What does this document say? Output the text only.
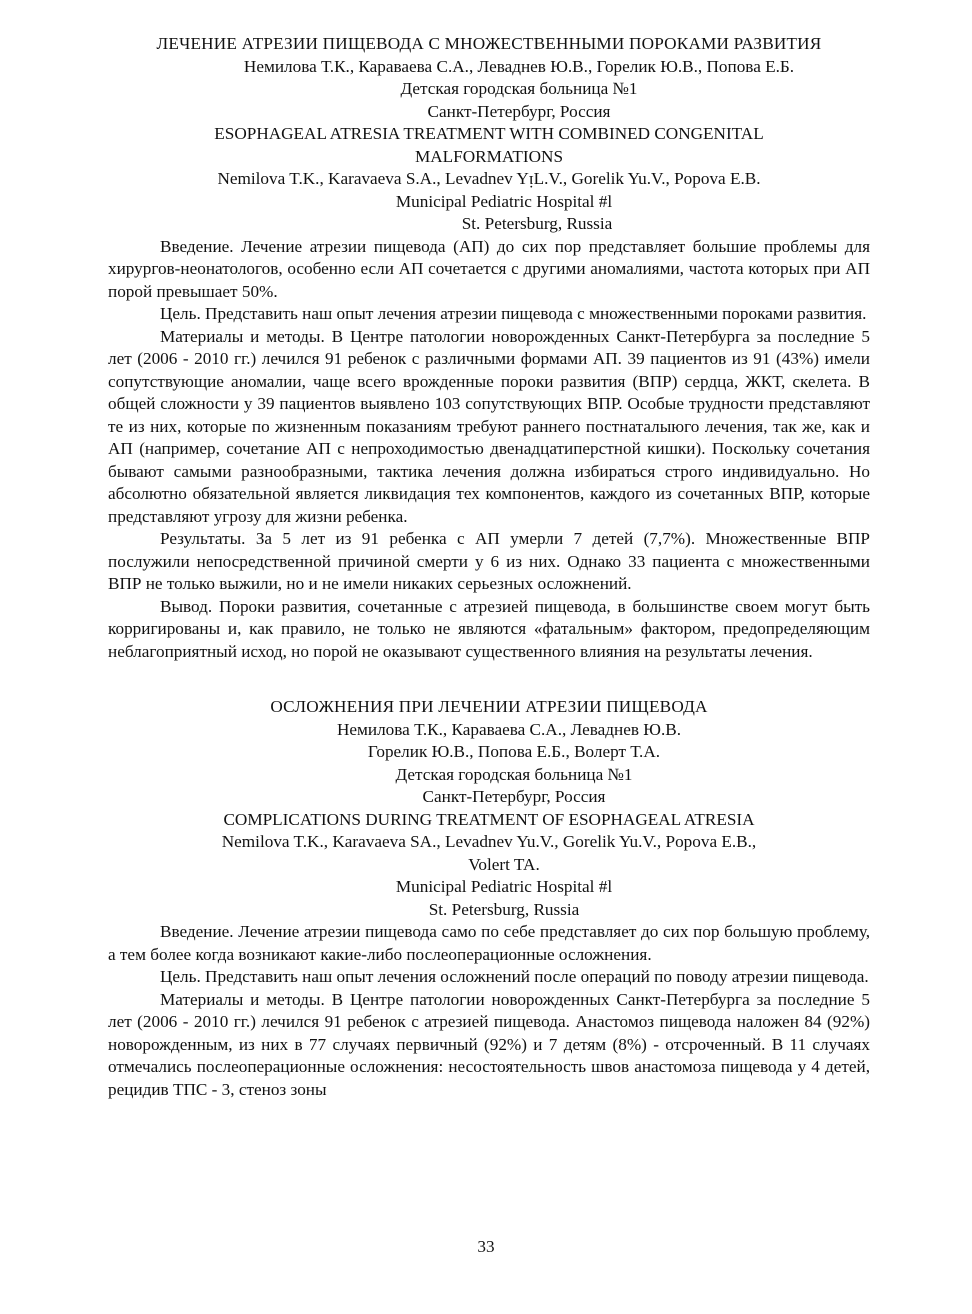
ЛЕЧЕНИЕ АТРЕЗИИ ПИЩЕВОДА С МНОЖЕСТВЕННЫМИ ПОРОКАМИ РАЗВИТИЯ
Немилова Т.К., Караваева С.А., Леваднев Ю.В., Горелик Ю.В., Попова Е.Б.
Детская городская больница №1
Санкт-Петербург, Россия
ESOPHAGEAL ATRESIA TREATMENT WITH COMBINED CONGENITAL
MALFORMATIONS
Nemilova T.K., Karavaeva S.A., Levadnev YᴉL.V., Gorelik Yu.V., Popova E.B.
Municipal Pediatric Hospital #l
St. Petersburg, Russia

Введение. Лечение атрезии пищевода (АП) до сих пор представляет большие проблемы для хирургов-неонатологов, особенно если АП сочетается с другими аномалиями, частота которых при АП порой превышает 50%.

Цель. Представить наш опыт лечения атрезии пищевода с множественными пороками развития.

Материалы и методы. В Центре патологии новорожденных Санкт-Петербурга за последние 5 лет (2006 - 2010 гг.) лечился 91 ребенок с различными формами АП. 39 пациентов из 91 (43%) имели сопутствующие аномалии, чаще всего врожденные пороки развития (ВПР) сердца, ЖКТ, скелета. В общей сложности у 39 пациентов выявлено 103 сопутствующих ВПР. Особые трудности представляют те из них, которые по жизненным показаниям требуют раннего постнаталыюго лечения, так же, как и АП (например, сочетание АП с непроходимостью двенадцатиперстной кишки). Поскольку сочетания бывают самыми разнообразными, тактика лечения должна избираться строго индивидуально. Но абсолютно обязательной является ликвидация тех компонентов, каждого из сочетанных ВПР, которые представляют угрозу для жизни ребенка.

Результаты. За 5 лет из 91 ребенка с АП умерли 7 детей (7,7%). Множественные ВПР послужили непосредственной причиной смерти у 6 из них. Однако 33 пациента с множественными ВПР не только выжили, но и не имели никаких серьезных осложнений.

Вывод. Пороки развития, сочетанные с атрезией пищевода, в большинстве своем могут быть корригированы и, как правило, не только не являются «фатальным» фактором, предопределяющим неблагоприятный исход, но порой не оказывают существенного влияния на результаты лечения.

ОСЛОЖНЕНИЯ ПРИ ЛЕЧЕНИИ АТРЕЗИИ ПИЩЕВОДА
Немилова Т.К., Караваева С.А., Леваднев Ю.В.
Горелик Ю.В., Попова Е.Б., Волерт Т.А.
Детская городская больница №1
Санкт-Петербург, Россия
COMPLICATIONS DURING TREATMENT OF ESOPHAGEAL ATRESIA
Nemilova T.K., Karavaeva SA., Levadnev Yu.V., Gorelik Yu.V., Popova E.B.,
Volert TA.
Municipal Pediatric Hospital #l
St. Petersburg, Russia

Введение. Лечение атрезии пищевода само по себе представляет до сих пор большую проблему, а тем более когда возникают какие-либо послеоперационные осложнения.

Цель. Представить наш опыт лечения осложнений после операций по поводу атрезии пищевода.

Материалы и методы. В Центре патологии новорожденных Санкт-Петербурга за последние 5 лет (2006 - 2010 гг.) лечился 91 ребенок с атрезией пищевода. Анастомоз пищевода наложен 84 (92%) новорожденным, из них в 77 случаях первичный (92%) и 7 детям (8%) - отсроченный. В 11 случаях отмечались послеоперационные осложнения: несостоятельность швов анастомоза пищевода у 4 детей, рецидив ТПС - 3, стеноз зоны

33
